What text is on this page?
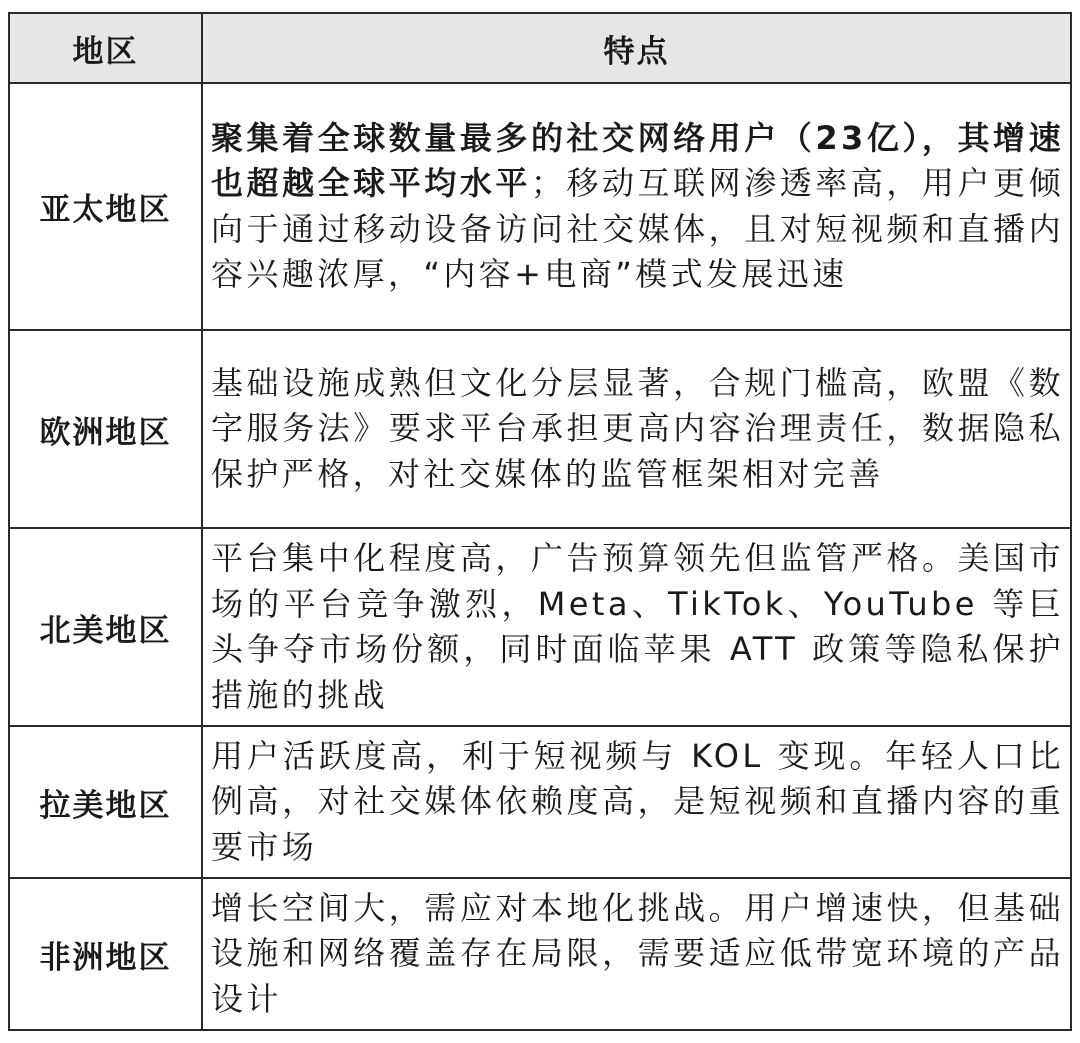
地区	特点
亚太地区	聚集着全球数量最多的社交网络用户（23亿），其增速也超越全球平均水平；移动互联网渗透率高，用户更倾向于通过移动设备访问社交媒体，且对短视频和直播内容兴趣浓厚，“内容+电商”模式发展迅速
欧洲地区	基础设施成熟但文化分层显著，合规门槛高，欧盟《数字服务法》要求平台承担更高内容治理责任，数据隐私保护严格，对社交媒体的监管框架相对完善
北美地区	平台集中化程度高，广告预算领先但监管严格。美国市场的平台竞争激烈，Meta、TikTok、YouTube 等巨头争夺市场份额，同时面临苹果 ATT 政策等隐私保护措施的挑战
拉美地区	用户活跃度高，利于短视频与 KOL 变现。年轻人口比例高，对社交媒体依赖度高，是短视频和直播内容的重要市场
非洲地区	增长空间大，需应对本地化挑战。用户增速快，但基础设施和网络覆盖存在局限，需要适应低带宽环境的产品设计
